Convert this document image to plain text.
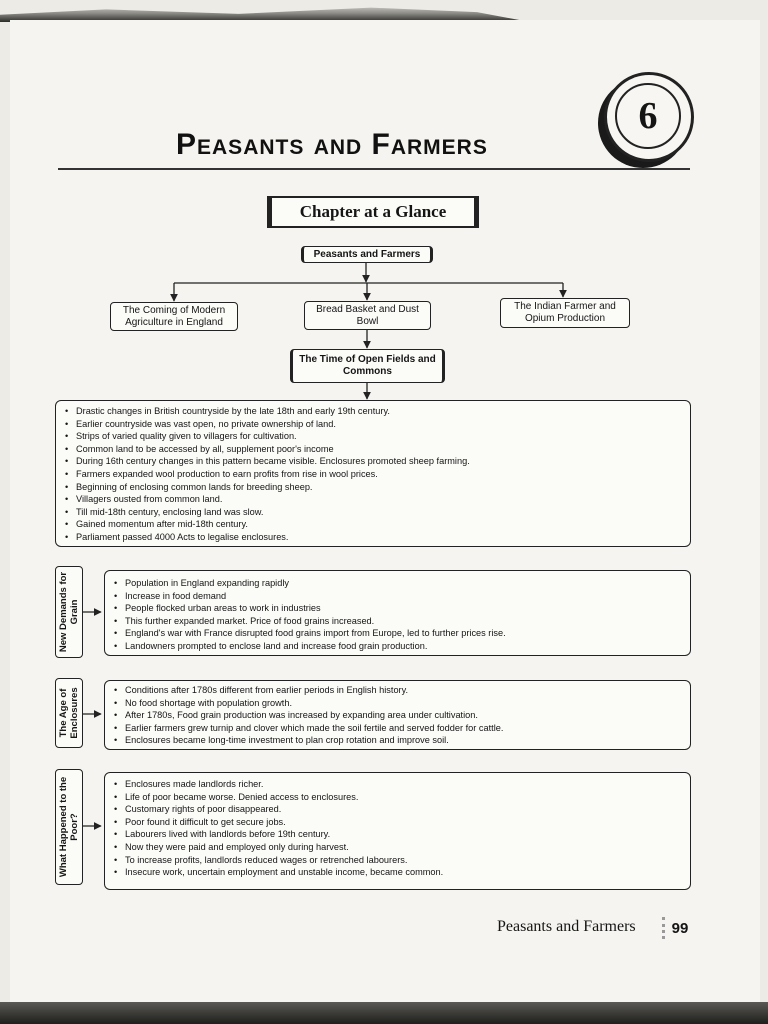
Peasants and Farmers
6
Chapter at a Glance
Peasants and Farmers
The Coming of Modern Agriculture in England
Bread Basket and Dust Bowl
The Indian Farmer and Opium Production
The Time of Open Fields and Commons
• Drastic changes in British countryside by the late 18th and early 19th century.
• Earlier countryside was vast open, no private ownership of land.
• Strips of varied quality given to villagers for cultivation.
• Common land to be accessed by all, supplement poor's income
• During 16th century changes in this pattern became visible. Enclosures promoted sheep farming.
• Farmers expanded wool production to earn profits from rise in wool prices.
• Beginning of enclosing common lands for breeding sheep.
• Villagers ousted from common land.
• Till mid-18th century, enclosing land was slow.
• Gained momentum after mid-18th century.
• Parliament passed 4000 Acts to legalise enclosures.
New Demands for Grain
• Population in England expanding rapidly
• Increase in food demand
• People flocked urban areas to work in industries
• This further expanded market. Price of food grains increased.
• England's war with France disrupted food grains import from Europe, led to further prices rise.
• Landowners prompted to enclose land and increase food grain production.
The Age of Enclosures
•	Conditions after 1780s different from earlier periods in English history.
• No food shortage with population growth.
• After 1780s, Food grain production was increased by expanding area under cultivation.
• Earlier farmers grew turnip and clover which made the soil fertile and served fodder for cattle.
• Enclosures became long-time investment to plan crop rotation and improve soil.
What Happened to the Poor?
• Enclosures made landlords richer.
• Life of poor became worse. Denied access to enclosures.
• Customary rights of poor disappeared.
• Poor found it difficult to get secure jobs.
• Labourers lived with landlords before 19th century.
• Now they were paid and employed only during harvest.
• To increase profits, landlords reduced wages or retrenched labourers.
• Insecure work, uncertain employment and unstable income, became common.
Peasants and Farmers	99
